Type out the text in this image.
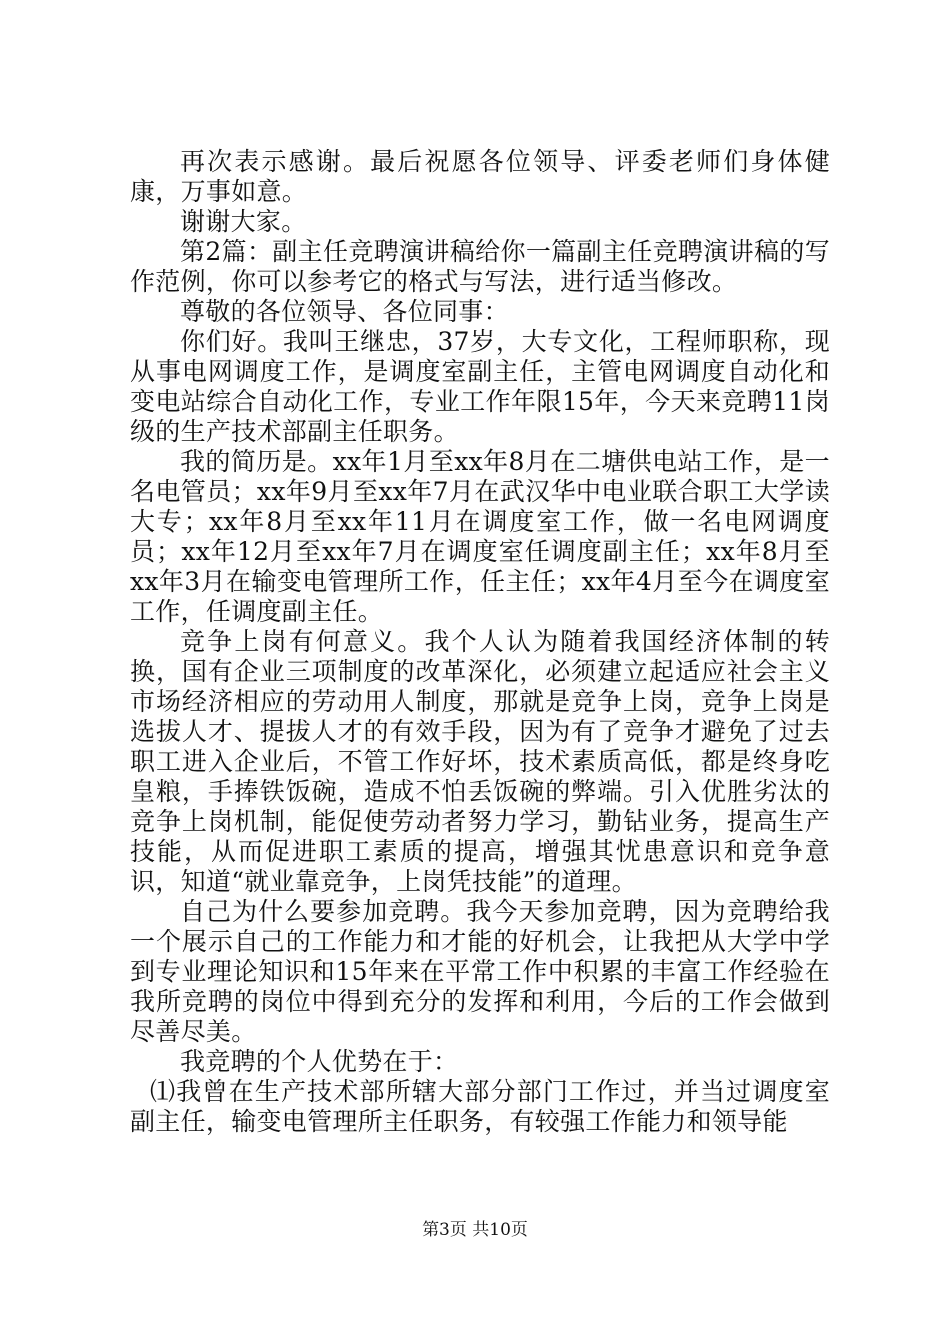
再次表示感谢。最后祝愿各位领导、评委老师们身体健康，万事如意。

谢谢大家。

第2篇：副主任竞聘演讲稿给你一篇副主任竞聘演讲稿的写作范例，你可以参考它的格式与写法，进行适当修改。

尊敬的各位领导、各位同事：

你们好。我叫王继忠，37岁，大专文化，工程师职称，现从事电网调度工作，是调度室副主任，主管电网调度自动化和变电站综合自动化工作，专业工作年限15年，今天来竞聘11岗级的生产技术部副主任职务。

我的简历是。xx年1月至xx年8月在二塘供电站工作，是一名电管员；xx年9月至xx年7月在武汉华中电业联合职工大学读大专；xx年8月至xx年11月在调度室工作，做一名电网调度员；xx年12月至xx年7月在调度室任调度副主任；xx年8月至xx年3月在输变电管理所工作，任主任；xx年4月至今在调度室工作，任调度副主任。

竞争上岗有何意义。我个人认为随着我国经济体制的转换，国有企业三项制度的改革深化，必须建立起适应社会主义市场经济相应的劳动用人制度，那就是竞争上岗，竞争上岗是选拔人才、提拔人才的有效手段，因为有了竞争才避免了过去职工进入企业后，不管工作好坏，技术素质高低，都是终身吃皇粮，手捧铁饭碗，造成不怕丢饭碗的弊端。引入优胜劣汰的竞争上岗机制，能促使劳动者努力学习，勤钻业务，提高生产技能，从而促进职工素质的提高，增强其忧患意识和竞争意识，知道“就业靠竞争，上岗凭技能”的道理。

自己为什么要参加竞聘。我今天参加竞聘，因为竞聘给我一个展示自己的工作能力和才能的好机会，让我把从大学中学到专业理论知识和15年来在平常工作中积累的丰富工作经验在我所竞聘的岗位中得到充分的发挥和利用，今后的工作会做到尽善尽美。

我竞聘的个人优势在于：

⑴我曾在生产技术部所辖大部分部门工作过，并当过调度室副主任，输变电管理所主任职务，有较强工作能力和领导能

第3页 共10页
